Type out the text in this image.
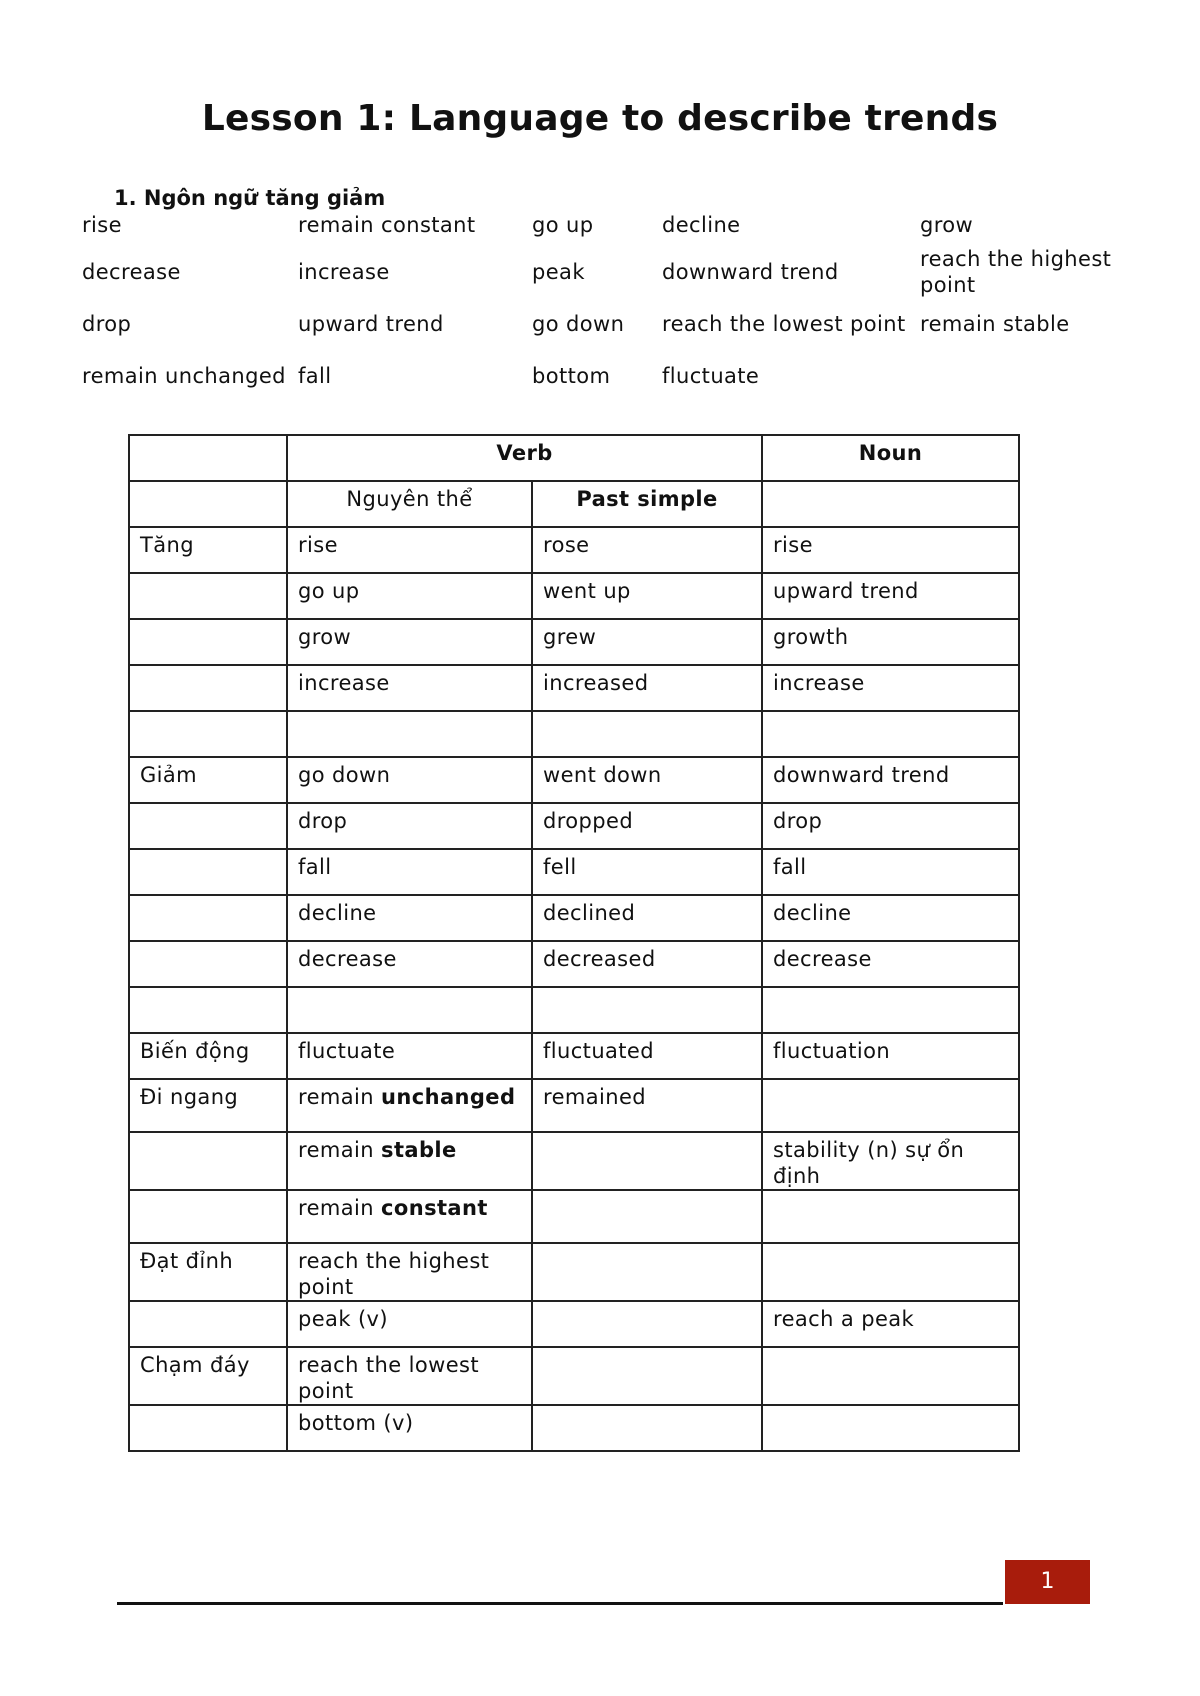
Lesson 1: Language to describe trends
1. Ngôn ngữ tăng giảm
rise	remain constant	go up	decline	grow
decrease	increase	peak	downward trend	reach the highest point
drop	upward trend	go down	reach the lowest point	remain stable
remain unchanged	fall	bottom	fluctuate	
	Verb		Noun
	Nguyên thể	Past simple	
Tăng	rise	rose	rise
	go up	went up	upward trend
	grow	grew	growth
	increase	increased	increase

Giảm	go down	went down	downward trend
	drop	dropped	drop
	fall	fell	fall
	decline	declined	decline
	decrease	decreased	decrease

Biến động	fluctuate	fluctuated	fluctuation
Đi ngang	remain unchanged	remained	
	remain stable		stability (n) sự ổn định
	remain constant		
Đạt đỉnh	reach the highest point		
	peak (v)		reach a peak
Chạm đáy	reach the lowest point		
	bottom (v)		
1
